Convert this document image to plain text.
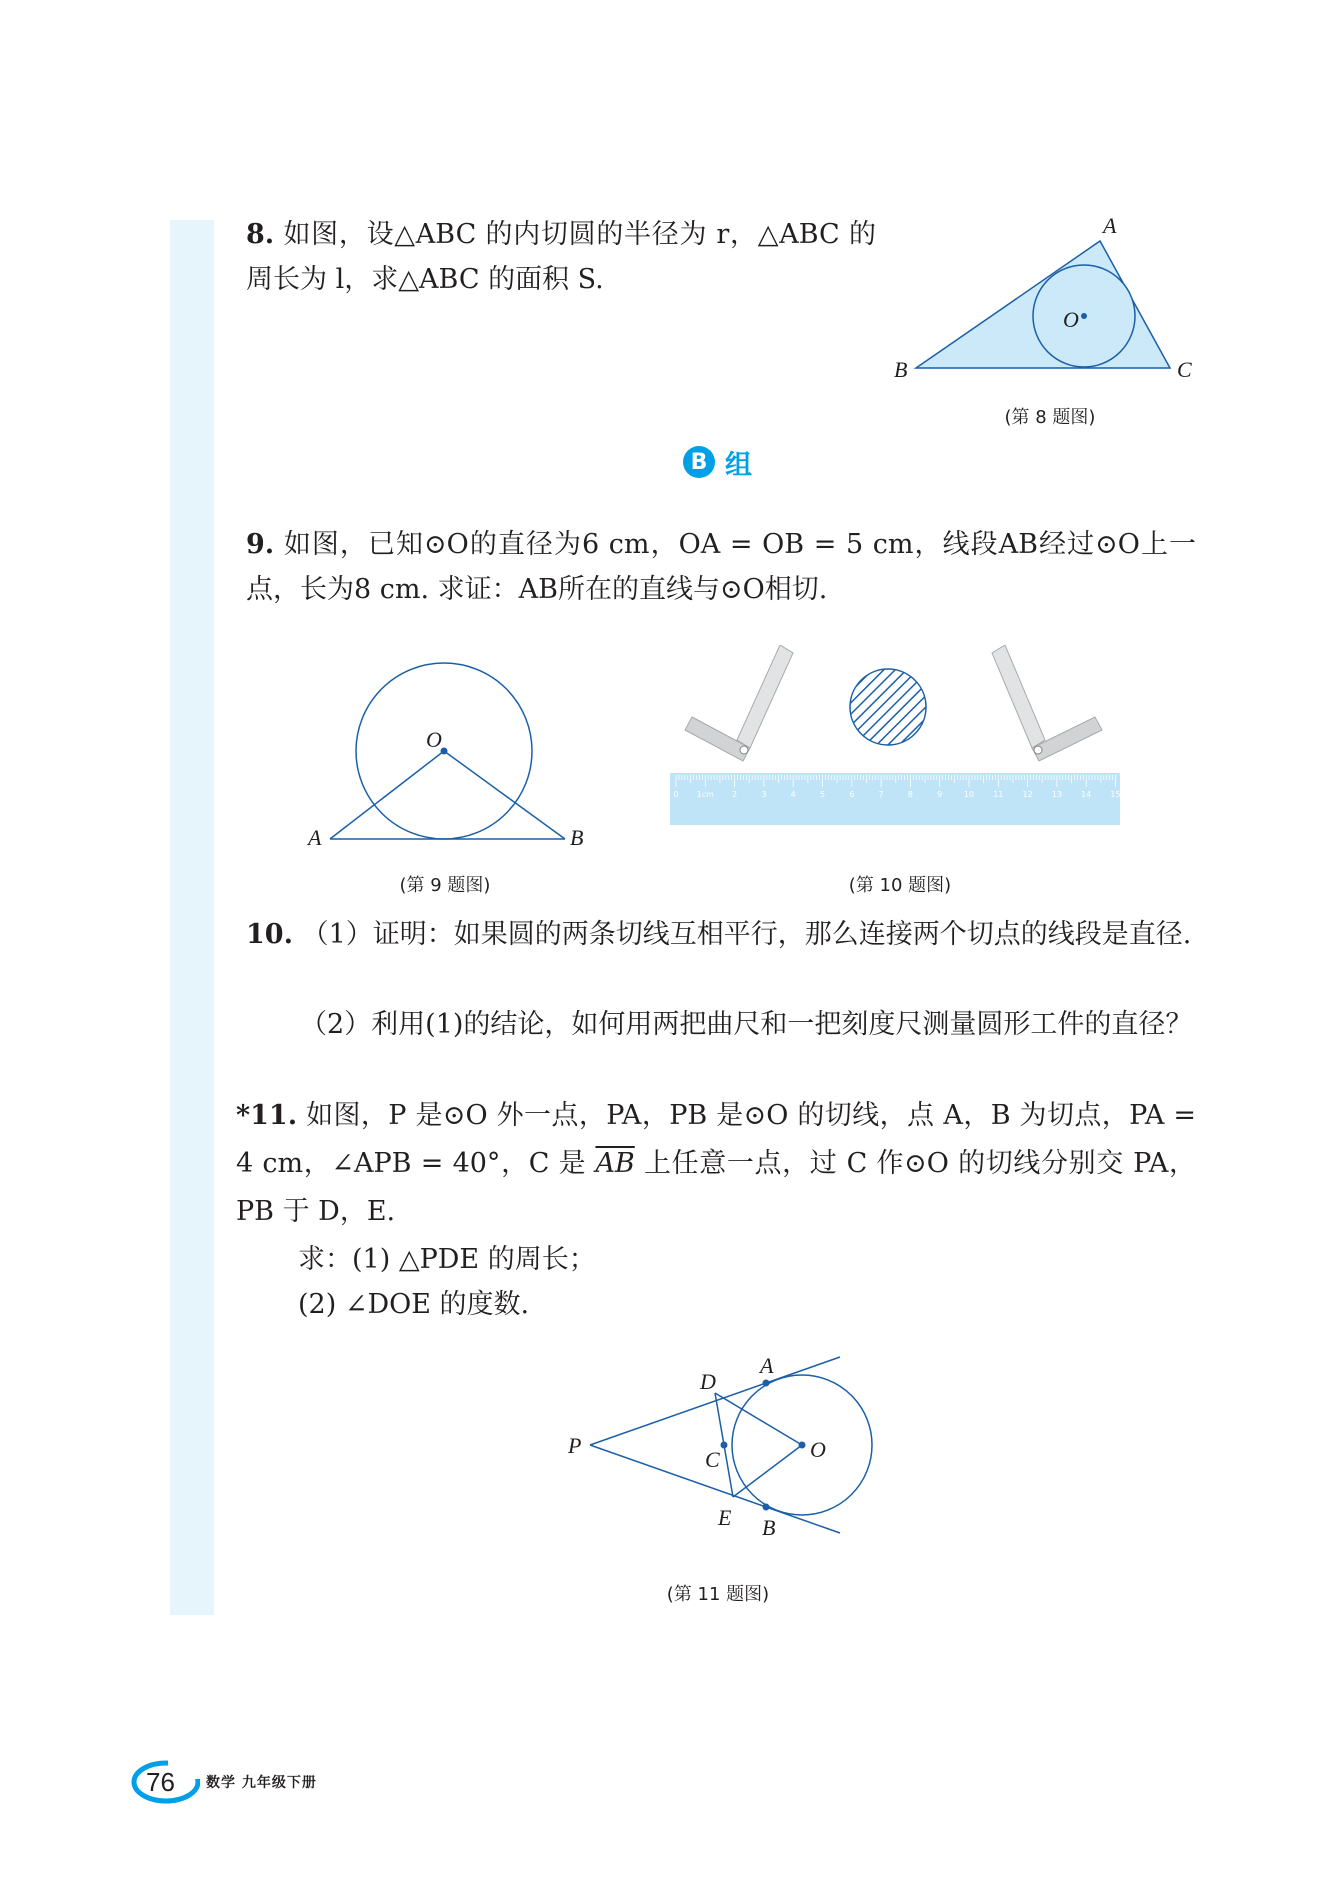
8. 如图，设△ABC 的内切圆的半径为 r，△ABC 的周长为 l，求△ABC 的面积 S.
A
B	C
O
(第 8 题图)
B 组
9. 如图，已知⊙O的直径为6 cm，OA = OB = 5 cm，线段AB经过⊙O上一点，长为8 cm. 求证：AB所在的直线与⊙O相切.
O
A	B
(第 9 题图)
0 1cm 2	3	4	5	6	7	8	9	10 11 12 13 14 15
(第 10 题图)
10. （1）证明：如果圆的两条切线互相平行，那么连接两个切点的线段是直径.
（2）利用(1)的结论，如何用两把曲尺和一把刻度尺测量圆形工件的直径？
*11. 如图，P 是⊙O 外一点，PA，PB 是⊙O 的切线，点 A，B 为切点，PA = 4 cm，∠APB = 40°，C 是 $\overline{AB}$ 上任意一点，过 C 作⊙O 的切线分别交 PA，PB 于 D，E.
求：(1) △PDE 的周长；
(2) ∠DOE 的度数.
P
A
D
C	O
E B
(第 11 题图)
76 数学 九年级下册
